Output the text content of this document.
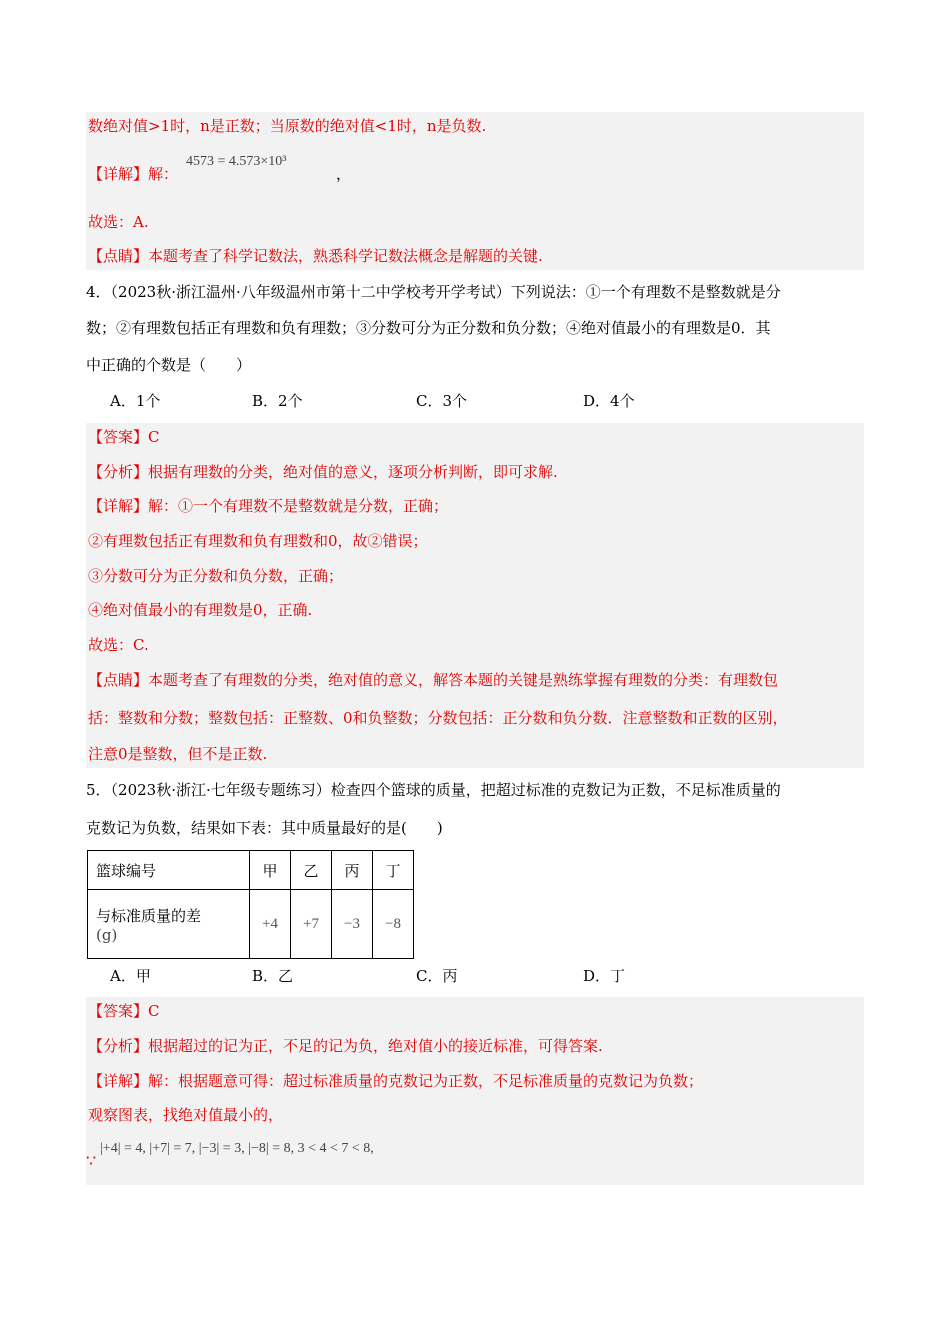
数绝对值>1时，n是正数；当原数的绝对值<1时，n是负数.
【详解】解：
4573 = 4.573×10³
，
故选：A.
【点睛】本题考查了科学记数法，熟悉科学记数法概念是解题的关键.
4．（2023秋·浙江温州·八年级温州市第十二中学校考开学考试）下列说法：①一个有理数不是整数就是分
数；②有理数包括正有理数和负有理数；③分数可分为正分数和负分数；④绝对值最小的有理数是0．其
中正确的个数是（　　）
A．1个	B．2个	C．3个	D．4个
【答案】C
【分析】根据有理数的分类，绝对值的意义，逐项分析判断，即可求解.
【详解】解：①一个有理数不是整数就是分数，正确；
②有理数包括正有理数和负有理数和0，故②错误；
③分数可分为正分数和负分数，正确；
④绝对值最小的有理数是0，正确.
故选：C.
【点睛】本题考查了有理数的分类，绝对值的意义，解答本题的关键是熟练掌握有理数的分类：有理数包
括：整数和分数；整数包括：正整数、0和负整数；分数包括：正分数和负分数．注意整数和正数的区别，
注意0是整数，但不是正数.
5．（2023秋·浙江·七年级专题练习）检查四个篮球的质量，把超过标准的克数记为正数，不足标准质量的
克数记为负数，结果如下表：其中质量最好的是(　　)
篮球编号	甲	乙	丙	丁

与标准质量的差
(g)	+4	+7	−3	−8
A．甲	B．乙	C．丙	D．丁
【答案】C
【分析】根据超过的记为正，不足的记为负，绝对值小的接近标准，可得答案.
【详解】解：根据题意可得：超过标准质量的克数记为正数，不足标准质量的克数记为负数；
观察图表，找绝对值最小的，
|+4| = 4, |+7| = 7, |−3| = 3, |−8| = 8, 3 < 4 < 7 < 8,
∵
